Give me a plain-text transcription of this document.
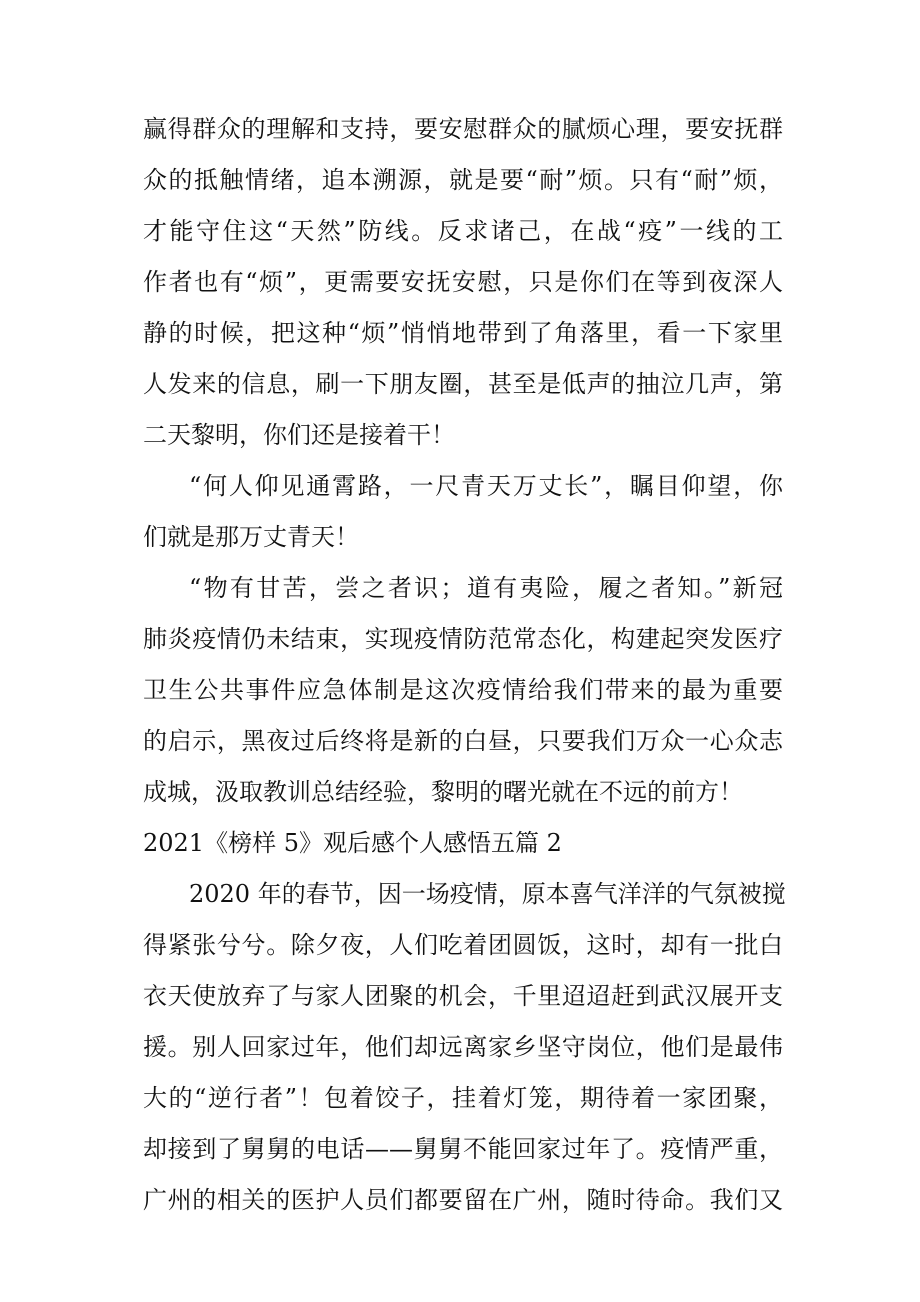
赢得群众的理解和支持，要安慰群众的腻烦心理，要安抚群
众的抵触情绪，追本溯源，就是要“耐”烦。只有“耐”烦，
才能守住这“天然”防线。反求诸己，在战“疫”一线的工
作者也有“烦”，更需要安抚安慰，只是你们在等到夜深人
静的时候，把这种“烦”悄悄地带到了角落里，看一下家里
人发来的信息，刷一下朋友圈，甚至是低声的抽泣几声，第
二天黎明，你们还是接着干！
“何人仰见通霄路，一尺青天万丈长”，瞩目仰望，你
们就是那万丈青天！
“物有甘苦，尝之者识；道有夷险，履之者知。”新冠
肺炎疫情仍未结束，实现疫情防范常态化，构建起突发医疗
卫生公共事件应急体制是这次疫情给我们带来的最为重要
的启示，黑夜过后终将是新的白昼，只要我们万众一心众志
成城，汲取教训总结经验，黎明的曙光就在不远的前方！
2021《榜样 5》观后感个人感悟五篇 2
2020 年的春节，因一场疫情，原本喜气洋洋的气氛被搅
得紧张兮兮。除夕夜，人们吃着团圆饭，这时，却有一批白
衣天使放弃了与家人团聚的机会，千里迢迢赶到武汉展开支
援。别人回家过年，他们却远离家乡坚守岗位，他们是最伟
大的“逆行者”！包着饺子，挂着灯笼，期待着一家团聚，
却接到了舅舅的电话——舅舅不能回家过年了。疫情严重，
广州的相关的医护人员们都要留在广州，随时待命。我们又
